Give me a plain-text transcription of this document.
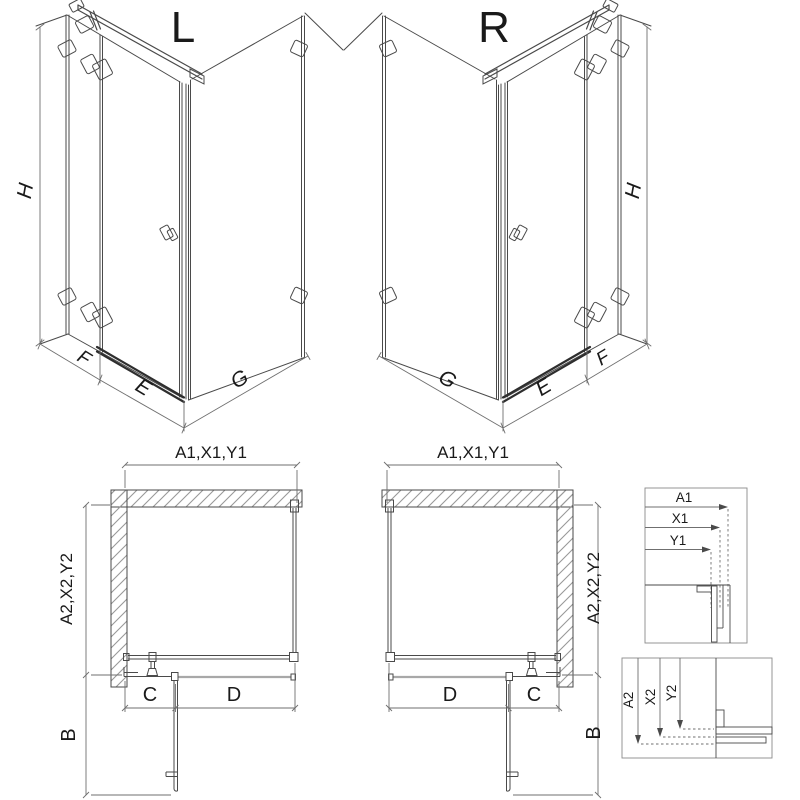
L	R
H	H
F
E	G
F
E
G
A1,X1,Y1	A1,X1,Y1
A2,X2,Y2	A2,X2,Y2
B	B
C	D	D	C
A1
X1
Y1
A2 X2 Y2
